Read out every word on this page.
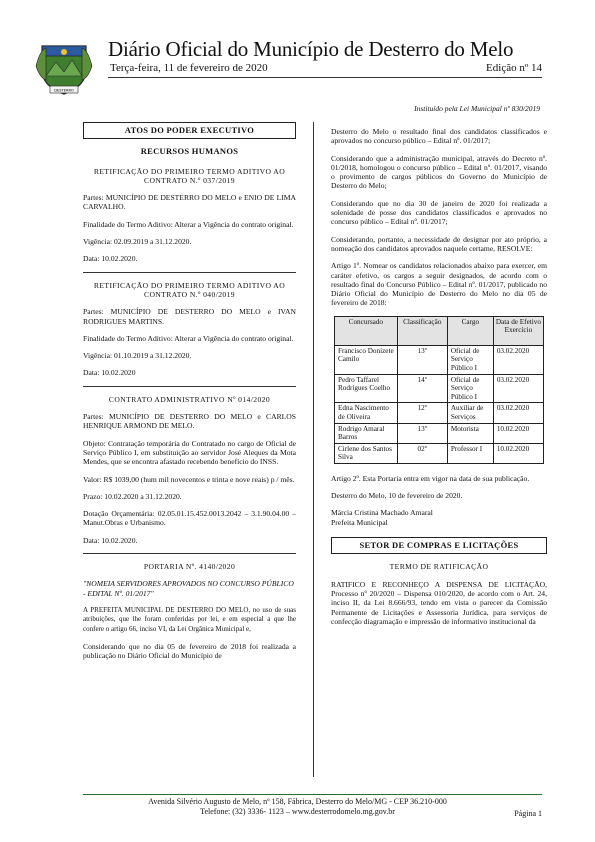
DESTERRO
Diário Oficial do Município de Desterro do Melo
Terça-feira, 11 de fevereiro de 2020	Edição nº 14
Instituído pela Lei Municipal nº 830/2019
ATOS DO PODER EXECUTIVO
RECURSOS HUMANOS
RETIFICAÇÃO DO PRIMEIRO TERMO ADITIVO AO CONTRATO N.º 037/2019

Partes: MUNICÍPIO DE DESTERRO DO MELO e ENIO DE LIMA CARVALHO.

Finalidade do Termo Aditivo: Alterar a Vigência do contrato original.

Vigência: 02.09.2019 a 31.12.2020.

Data: 10.02.2020.

RETIFICAÇÃO DO PRIMEIRO TERMO ADITIVO AO CONTRATO N.º 040/2019

Partes: MUNICÍPIO DE DESTERRO DO MELO e IVAN RODRIGUES MARTINS.

Finalidade do Termo Aditivo: Alterar a Vigência do contrato original.

Vigência: 01.10.2019 a 31.12.2020.

Data: 10.02.2020

CONTRATO ADMINISTRATIVO Nº 014/2020

Partes: MUNICÍPIO DE DESTERRO DO MELO e CARLOS HENRIQUE ARMOND DE MELO.

Objeto: Contratação temporária do Contratado no cargo de Oficial de Serviço Público I, em substituição ao servidor José Aleques da Mota Mendes, que se encontra afastado recebendo benefício do INSS.

Valor: R$ 1039,00 (hum mil novecentos e trinta e nove reais) p / mês.

Prazo: 10.02.2020 a 31.12.2020.

Dotação Orçamentária: 02.05.01.15.452.0013.2042 – 3.1.90.04.00 – Manut.Obras e Urbanismo.

Data: 10.02.2020.

PORTARIA Nº. 4140/2020

"NOMEIA SERVIDORES APROVADOS NO CONCURSO PÚBLICO - EDITAL Nº. 01/2017"

A PREFEITA MUNICIPAL DE DESTERRO DO MELO, no uso de suas atribuições, que lhe foram conferidas por lei, e em especial a que lhe confere o artigo 66, inciso VI, da Lei Orgânica Municipal e,

Considerando que no dia 05 de fevereiro de 2018 foi realizada a publicação no Diário Oficial do Município de

Desterro do Melo o resultado final dos candidatos classificados e aprovados no concurso público – Edital nº. 01/2017;

Considerando que a administração municipal, através do Decreto nº. 01/2018, homologou o concurso público – Edital nº. 01/2017, visando o provimento de cargos públicos do Governo do Município de Desterro do Melo;

Considerando que no dia 30 de janeiro de 2020 foi realizada a solenidade de posse dos candidatos classificados e aprovados no concurso público – Edital nº. 01/2017;

Considerando, portanto, a necessidade de designar por ato próprio, a nomeação dos candidatos aprovados naquele certame, RESOLVE:

Artigo 1º. Nomear os candidatos relacionados abaixo para exercer, em caráter efetivo, os cargos a seguir designados, de acordo com o resultado final do Concurso Público – Edital nº. 01/2017, publicado no Diário Oficial do Município de Desterro do Melo no dia 05 de fevereiro de 2018:

Concursado	Classificação	Cargo	Data de Efetivo Exercício
Francisco Donizete Camilo	13º	Oficial de Serviço Público I	03.02.2020
Pedro Taffarel Rodrigues Coelho	14º	Oficial de Serviço Público I	03.02.2020
Edna Nascimento de Oliveira	12º	Auxiliar de Serviços	03.02.2020
Rodrigo Amaral Barros	13º	Motorista	10.02.2020
Cirlene dos Santos Silva	02º	Professor I	10.02.2020

Artigo 2º. Esta Portaria entra em vigor na data de sua publicação.

Desterro do Melo, 10 de fevereiro de 2020.

Márcia Cristina Machado Amaral

Prefeita Municipal

SETOR DE COMPRAS E LICITAÇÕES
TERMO DE RATIFICAÇÃO

RATIFICO E RECONHEÇO A DISPENSA DE LICITAÇÃO, Processo nº 20/2020 – Dispensa 010/2020, de acordo com o Art. 24, inciso II, da Lei 8.666/93, tendo em vista o parecer da Comissão Permanente de Licitações e Assessoria Jurídica, para serviços de confecção diagramação e impressão de informativo institucional da

Avenida Silvério Augusto de Melo, nº 158, Fábrica, Desterro do Melo/MG - CEP 36.210-000
Telefone: (32) 3336- 1123 – www.desterrodomelo.mg.gov.br	Página 1
